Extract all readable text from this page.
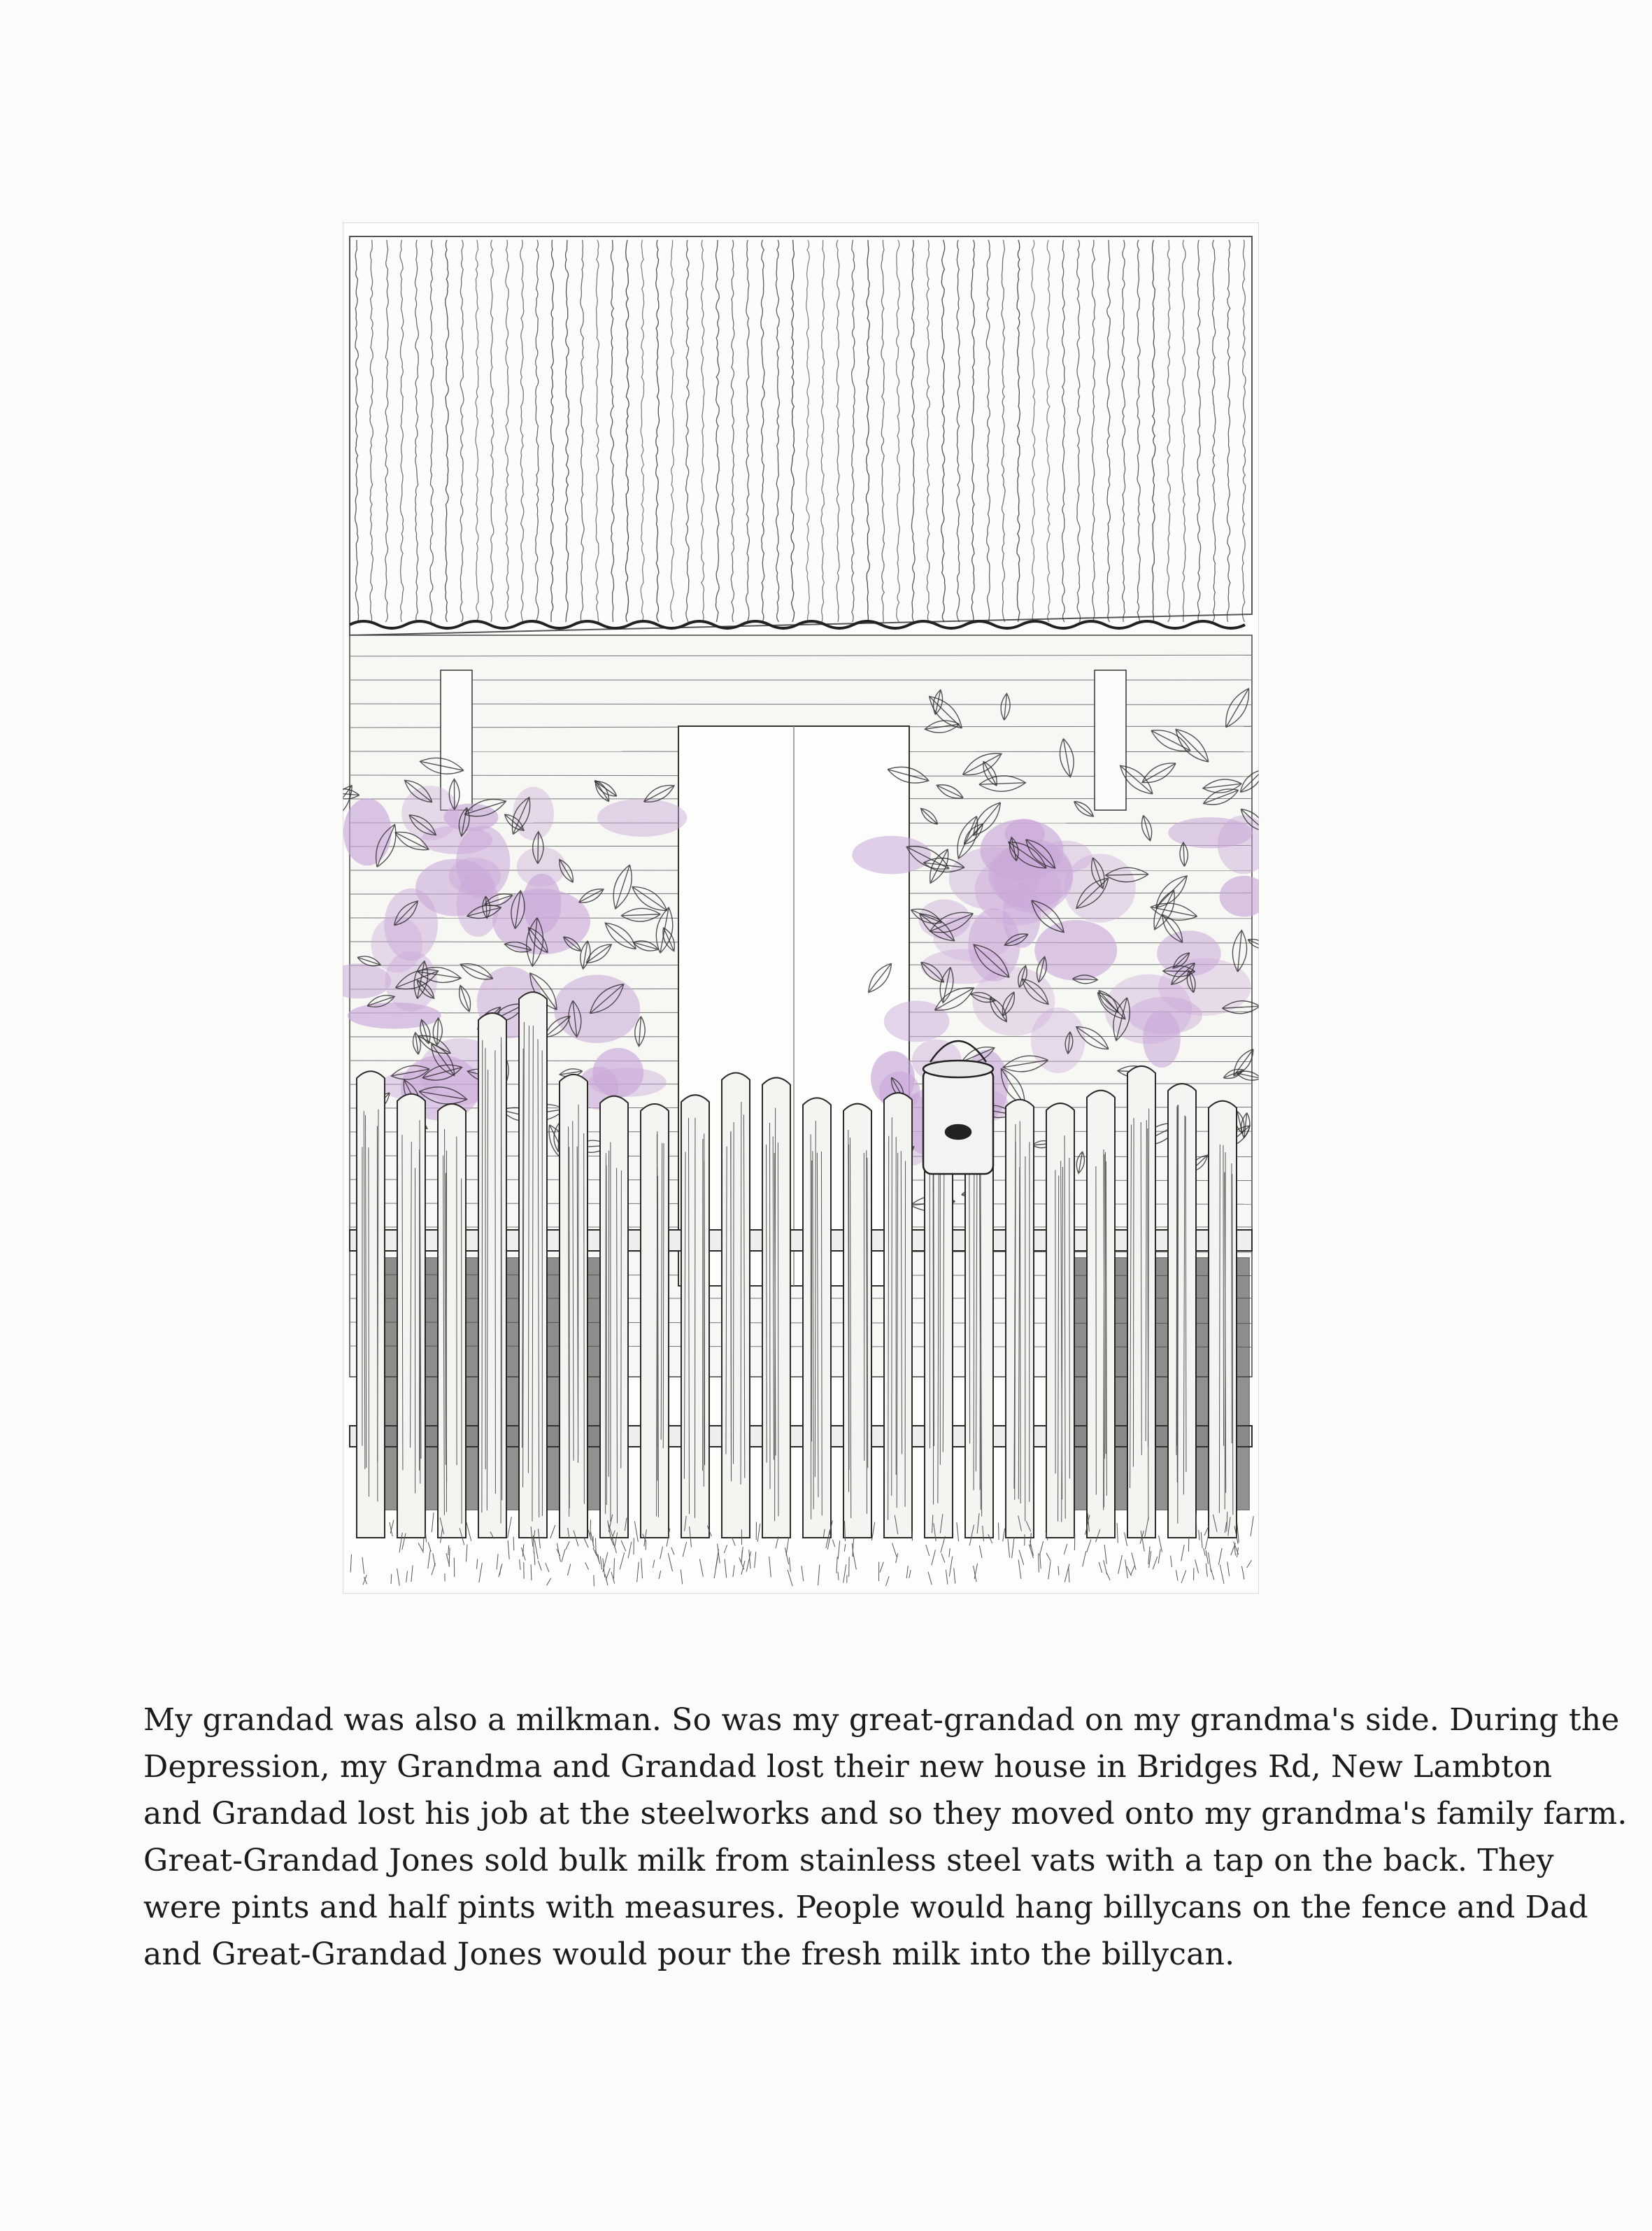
My grandad was also a milkman. So was my great-grandad on my grandma's side. During the
Depression, my Grandma and Grandad lost their new house in Bridges Rd, New Lambton
and Grandad lost his job at the steelworks and so they moved onto my grandma's family farm.
Great-Grandad Jones sold bulk milk from stainless steel vats with a tap on the back. They
were pints and half pints with measures. People would hang billycans on the fence and Dad
and Great-Grandad Jones would pour the fresh milk into the billycan.
